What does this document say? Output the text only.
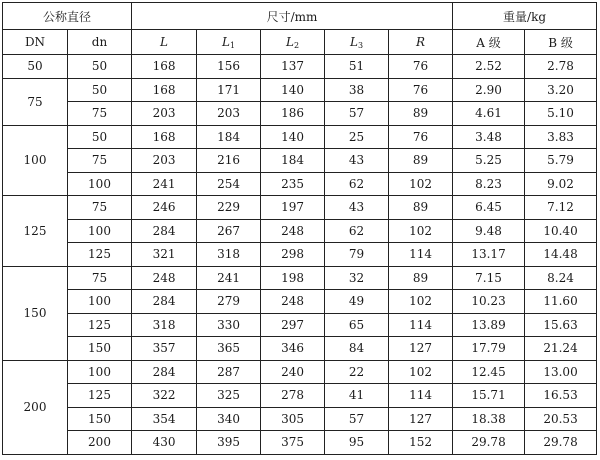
公称直径		尺寸/mm					重量/kg	
DN	dn	L	$L_1$	$L_2$	$L_3$	R	A 级	B 级
50	50	168	156	137	51	76	2.52	2.78
75	50	168	171	140	38	76	2.90	3.20
	75	203	203	186	57	89	4.61	5.10
100	50	168	184	140	25	76	3.48	3.83
	75	203	216	184	43	89	5.25	5.79
	100	241	254	235	62	102	8.23	9.02
125	75	246	229	197	43	89	6.45	7.12
	100	284	267	248	62	102	9.48	10.40
	125	321	318	298	79	114	13.17	14.48
150	75	248	241	198	32	89	7.15	8.24
	100	284	279	248	49	102	10.23	11.60
	125	318	330	297	65	114	13.89	15.63
	150	357	365	346	84	127	17.79	21.24
200	100	284	287	240	22	102	12.45	13.00
	125	322	325	278	41	114	15.71	16.53
	150	354	340	305	57	127	18.38	20.53
	200	430	395	375	95	152	29.78	29.78
